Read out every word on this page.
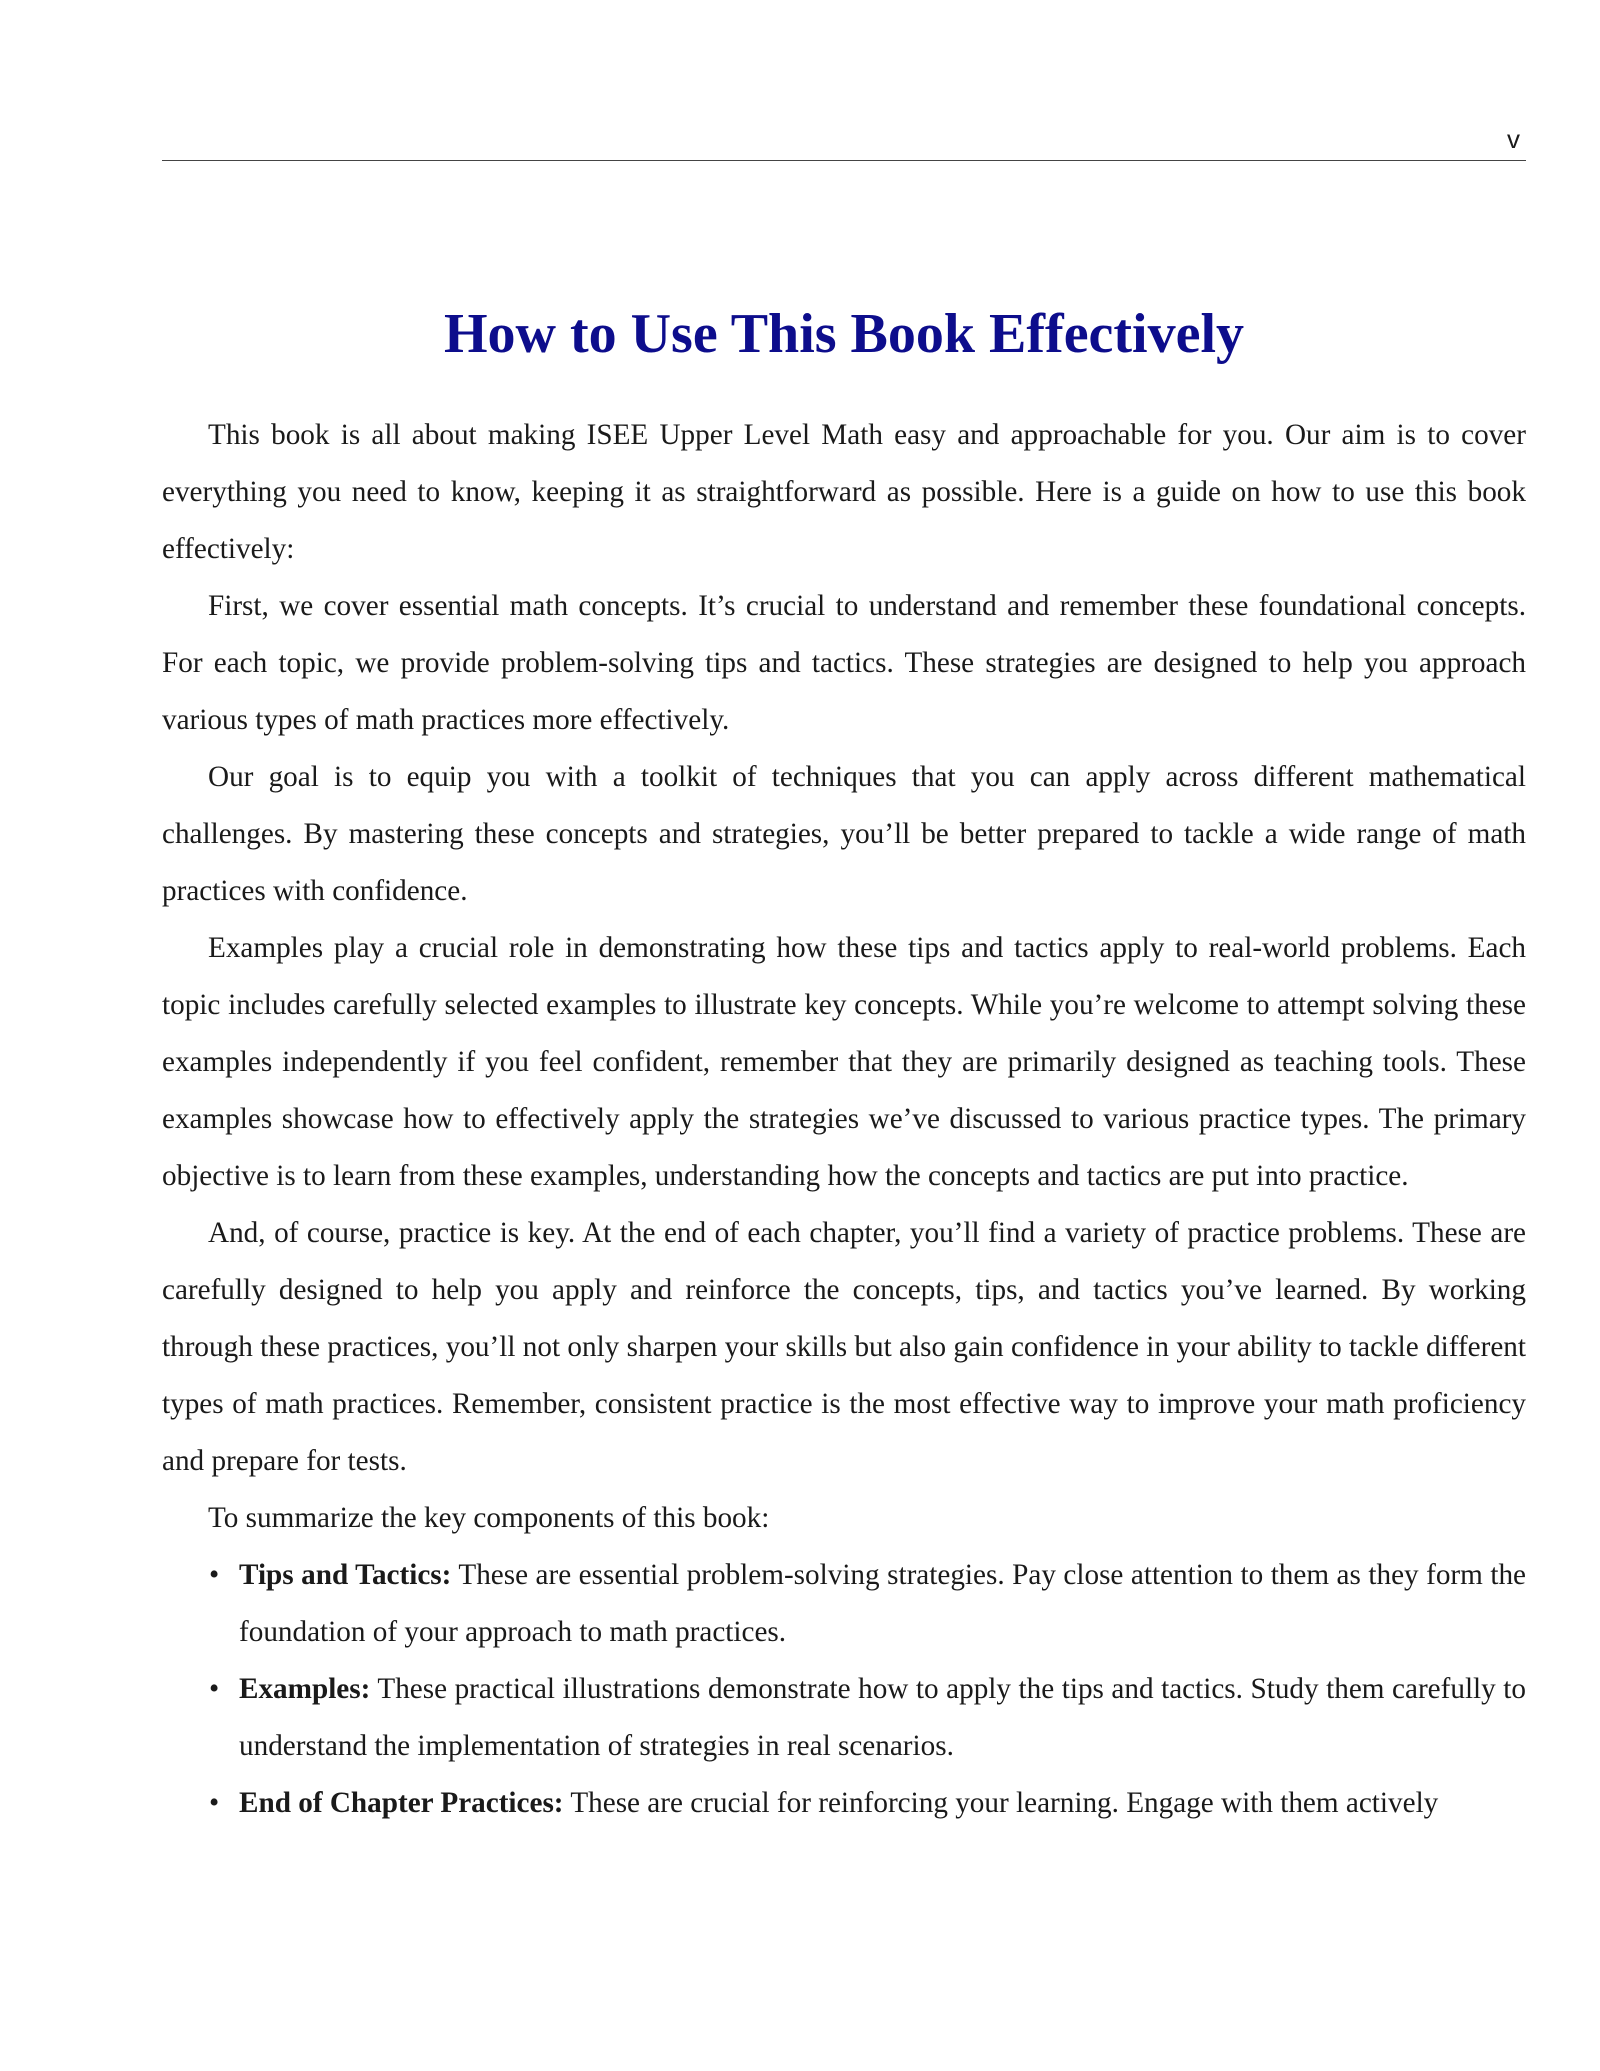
v
How to Use This Book Effectively

This book is all about making ISEE Upper Level Math easy and approachable for you. Our aim is to cover everything you need to know, keeping it as straightforward as possible. Here is a guide on how to use this book effectively:

First, we cover essential math concepts. It’s crucial to understand and remember these foundational concepts. For each topic, we provide problem-solving tips and tactics. These strategies are designed to help you approach various types of math practices more effectively.

Our goal is to equip you with a toolkit of techniques that you can apply across different mathematical challenges. By mastering these concepts and strategies, you’ll be better prepared to tackle a wide range of math practices with confidence.

Examples play a crucial role in demonstrating how these tips and tactics apply to real-world problems. Each topic includes carefully selected examples to illustrate key concepts. While you’re welcome to attempt solving these examples independently if you feel confident, remember that they are primarily designed as teaching tools. These examples showcase how to effectively apply the strategies we’ve discussed to various practice types. The primary objective is to learn from these examples, understanding how the concepts and tactics are put into practice.

And, of course, practice is key. At the end of each chapter, you’ll find a variety of practice problems. These are carefully designed to help you apply and reinforce the concepts, tips, and tactics you’ve learned. By working through these practices, you’ll not only sharpen your skills but also gain confidence in your ability to tackle different types of math practices. Remember, consistent practice is the most effective way to improve your math proficiency and prepare for tests.

To summarize the key components of this book:

• Tips and Tactics: These are essential problem-solving strategies. Pay close attention to them as they form the foundation of your approach to math practices.
• Examples: These practical illustrations demonstrate how to apply the tips and tactics. Study them carefully to understand the implementation of strategies in real scenarios.
• End of Chapter Practices: These are crucial for reinforcing your learning. Engage with them actively
